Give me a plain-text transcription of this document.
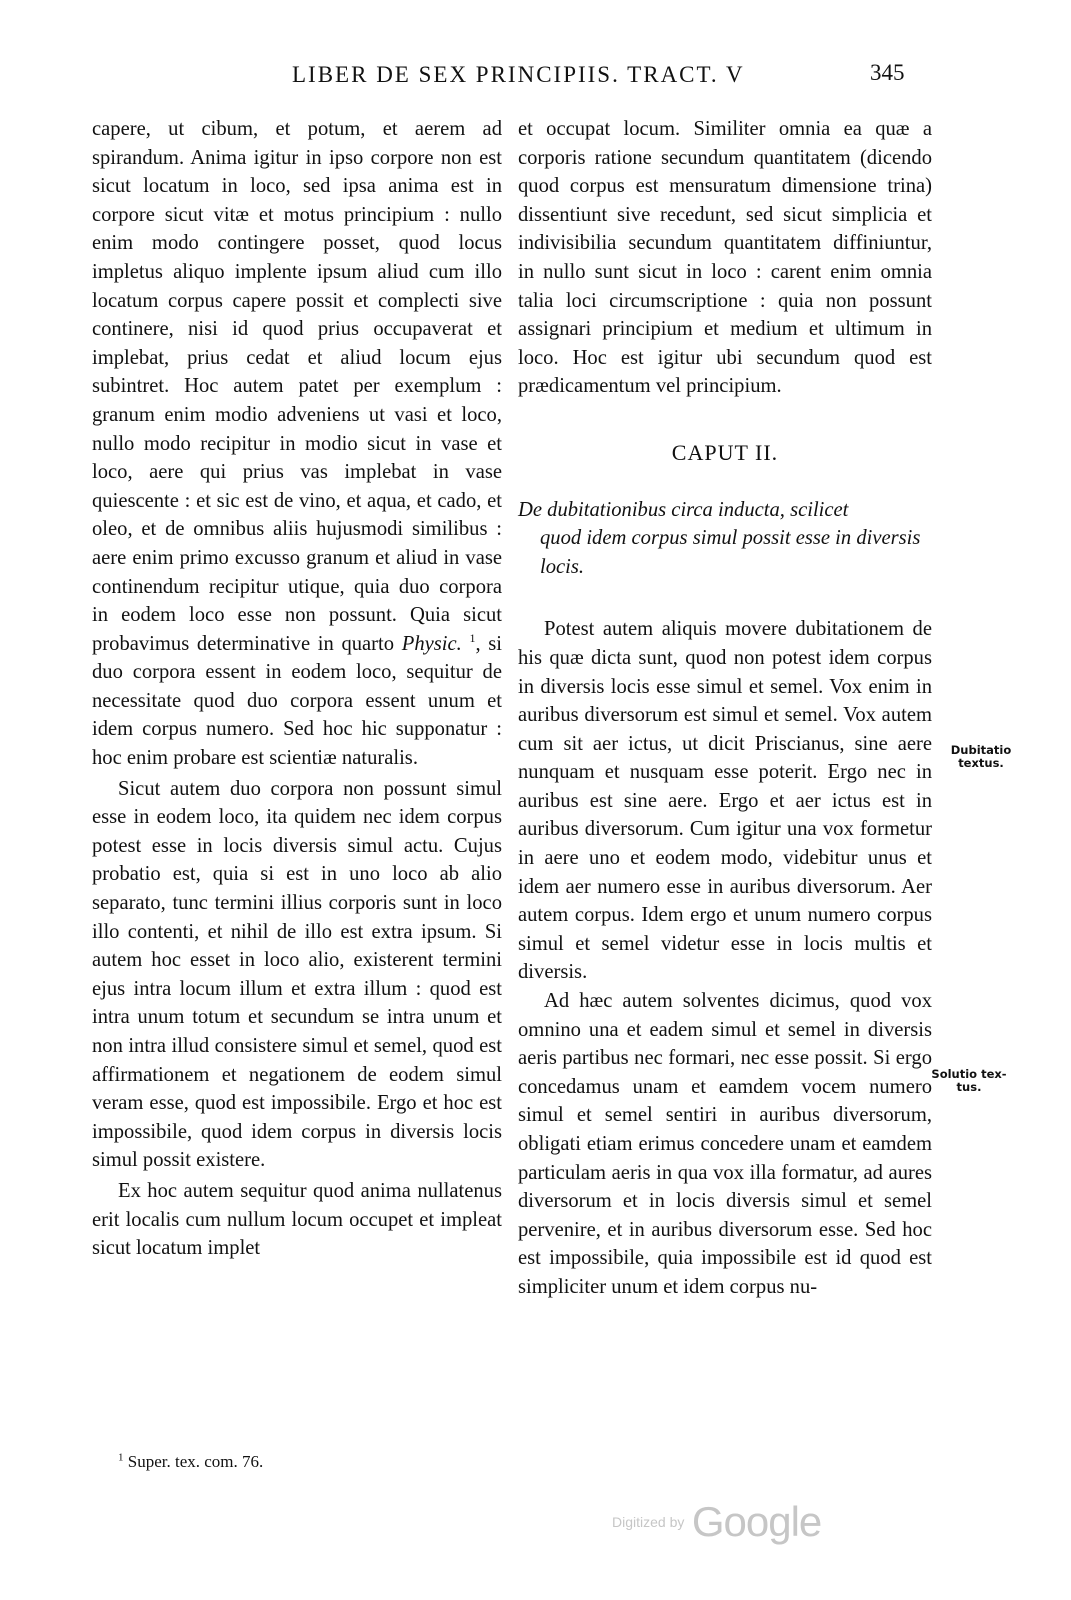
LIBER DE SEX PRINCIPIIS. TRACT. V	345

capere, ut cibum, et potum, et aerem ad spirandum. Anima igitur in ipso corpore non est sicut locatum in loco, sed ipsa anima est in corpore sicut vitæ et motus principium : nullo enim modo contingere posset, quod locus impletus aliquo implente ipsum aliud cum illo locatum corpus capere possit et complecti sive continere, nisi id quod prius occupaverat et implebat, prius cedat et aliud locum ejus subintret. Hoc autem patet per exemplum : granum enim modio adveniens ut vasi et loco, nullo modo recipitur in modio sicut in vase et loco, aere qui prius vas implebat in vase quiescente : et sic est de vino, et aqua, et cado, et oleo, et de omnibus aliis hujusmodi similibus : aere enim primo excusso granum et aliud in vase continendum recipitur utique, quia duo corpora in eodem loco esse non possunt. Quia sicut probavimus determinative in quarto Physic. $^1$, si duo corpora essent in eodem loco, sequitur de necessitate quod duo corpora essent unum et idem corpus numero. Sed hoc hic supponatur : hoc enim probare est scientiæ naturalis.

Sicut autem duo corpora non possunt simul esse in eodem loco, ita quidem nec idem corpus potest esse in locis diversis simul actu. Cujus probatio est, quia si est in uno loco ab alio separato, tunc termini illius corporis sunt in loco illo contenti, et nihil de illo est extra ipsum. Si autem hoc esset in loco alio, existerent termini ejus intra locum illum et extra illum : quod est intra unum totum et secundum se intra unum et non intra illud consistere simul et semel, quod est affirmationem et negationem de eodem simul veram esse, quod est impossibile. Ergo et hoc est impossibile, quod idem corpus in diversis locis simul possit existere.

Ex hoc autem sequitur quod anima nullatenus erit localis cum nullum locum occupet et impleat sicut locatum implet

et occupat locum. Similiter omnia ea quæ a corporis ratione secundum quantitatem (dicendo quod corpus est mensuratum dimensione trina) dissentiunt sive recedunt, sed sicut simplicia et indivisibilia secundum quantitatem diffiniuntur, in nullo sunt sicut in loco : carent enim omnia talia loci circumscriptione : quia non possunt assignari principium et medium et ultimum in loco. Hoc est igitur ubi secundum quod est prædicamentum vel principium.

CAPUT II.

De dubitationibus circa inducta, scilicet
quod idem corpus simul possit esse in diversis locis.

Potest autem aliquis movere dubitationem de his quæ dicta sunt, quod non potest idem corpus in diversis locis esse simul et semel. Vox enim in auribus diversorum est simul et semel. Vox autem cum sit aer ictus, ut dicit Priscianus, sine aere nunquam et nusquam esse poterit. Ergo nec in auribus est sine aere. Ergo et aer ictus est in auribus diversorum. Cum igitur una vox formetur in aere uno et eodem modo, videbitur unus et idem aer numero esse in auribus diversorum. Aer autem corpus. Idem ergo et unum numero corpus simul et semel videtur esse in locis multis et diversis.

Ad hæc autem solventes dicimus, quod vox omnino una et eadem simul et semel in diversis aeris partibus nec formari, nec esse possit. Si ergo concedamus unam et eamdem vocem numero simul et semel sentiri in auribus diversorum, obligati etiam erimus concedere unam et eamdem particulam aeris in qua vox illa formatur, ad aures diversorum et in locis diversis simul et semel pervenire, et in auribus diversorum esse. Sed hoc est impossibile, quia impossibile est id quod est simpliciter unum et idem corpus nu-

Dubitatio
textus.
Solutio tex-
tus.
$^1$ Super. tex. com. 76.
Digitized by Google
